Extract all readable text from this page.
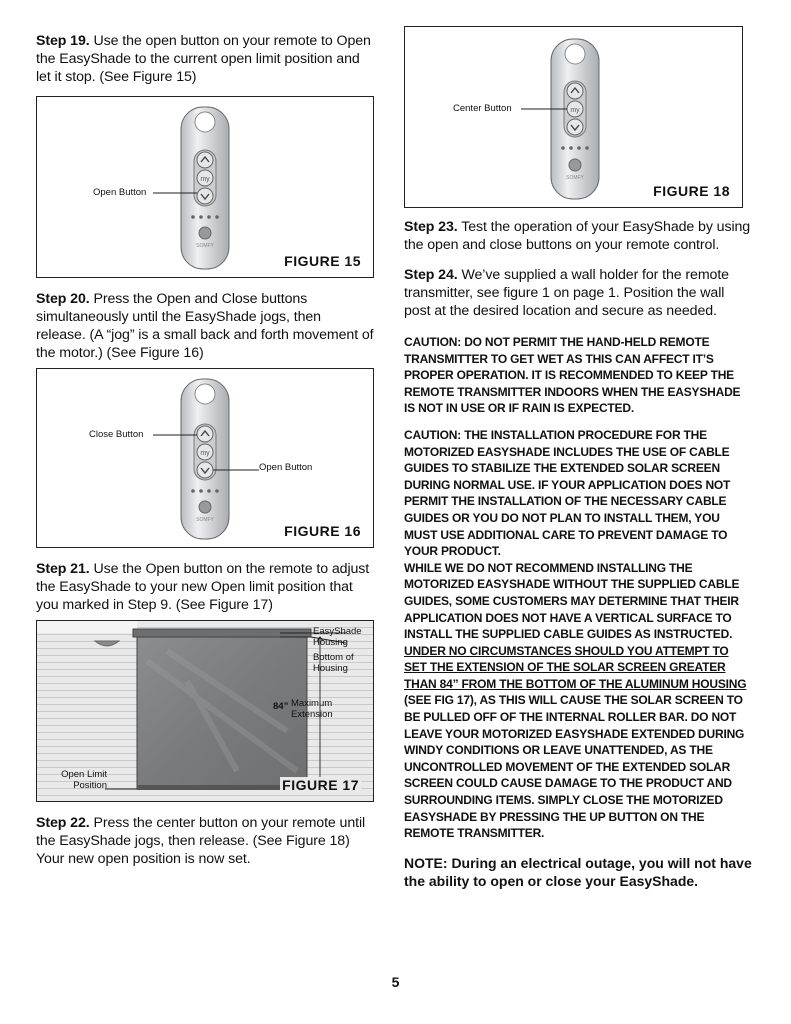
Step 19. Use the open button on your remote to Open the EasyShade to the current open limit position and let it stop. (See Figure 15)

my
SOMFY
Open Button
FIGURE 15

Step 20. Press the Open and Close buttons simultaneously until the EasyShade jogs, then release. (A “jog” is a small back and forth movement of the motor.) (See Figure 16)

my
SOMFY
Close Button
Open Button
FIGURE 16

Step 21. Use the Open button on the remote to adjust the EasyShade to your new Open limit position that you marked in Step 9. (See Figure 17)

EasyShade Housing
Bottom of Housing
84” Maximum Extension
Open Limit Position	FIGURE 17

Step 22. Press the center button on your remote until the EasyShade jogs, then release. (See Figure 18) Your new open position is now set.

my
SOMFY
Center Button
FIGURE 18

Step 23. Test the operation of your EasyShade by using the open and close buttons on your remote control.

Step 24. We’ve supplied a wall holder for the remote transmitter, see figure 1 on page 1. Position the wall post at the desired location and secure as needed.

CAUTION: DO NOT PERMIT THE HAND-HELD REMOTE TRANSMITTER TO GET WET AS THIS CAN AFFECT IT’S PROPER OPERATION. IT IS RECOMMENDED TO KEEP THE REMOTE TRANSMITTER INDOORS WHEN THE EASYSHADE IS NOT IN USE OR IF RAIN IS EXPECTED.

CAUTION: THE INSTALLATION PROCEDURE FOR THE MOTORIZED EASYSHADE INCLUDES THE USE OF CABLE GUIDES TO STABILIZE THE EXTENDED SOLAR SCREEN DURING NORMAL USE. IF YOUR APPLICATION DOES NOT PERMIT THE INSTALLATION OF THE NECESSARY CABLE GUIDES OR YOU DO NOT PLAN TO INSTALL THEM, YOU MUST USE ADDITIONAL CARE TO PREVENT DAMAGE TO YOUR PRODUCT.
WHILE WE DO NOT RECOMMEND INSTALLING THE MOTORIZED EASYSHADE WITHOUT THE SUPPLIED CABLE GUIDES, SOME CUSTOMERS MAY DETERMINE THAT THEIR APPLICATION DOES NOT HAVE A VERTICAL SURFACE TO INSTALL THE SUPPLIED CABLE GUIDES AS INSTRUCTED. UNDER NO CIRCUMSTANCES SHOULD YOU ATTEMPT TO SET THE EXTENSION OF THE SOLAR SCREEN GREATER THAN 84” FROM THE BOTTOM OF THE ALUMINUM HOUSING (SEE FIG 17), AS THIS WILL CAUSE THE SOLAR SCREEN TO BE PULLED OFF OF THE INTERNAL ROLLER BAR. DO NOT LEAVE YOUR MOTORIZED EASYSHADE EXTENDED DURING WINDY CONDITIONS OR LEAVE UNATTENDED, AS THE UNCONTROLLED MOVEMENT OF THE EXTENDED SOLAR SCREEN COULD CAUSE DAMAGE TO THE PRODUCT AND SURROUNDING ITEMS. SIMPLY CLOSE THE MOTORIZED EASYSHADE BY PRESSING THE UP BUTTON ON THE REMOTE TRANSMITTER.

NOTE: During an electrical outage, you will not have the ability to open or close your EasyShade.

5
